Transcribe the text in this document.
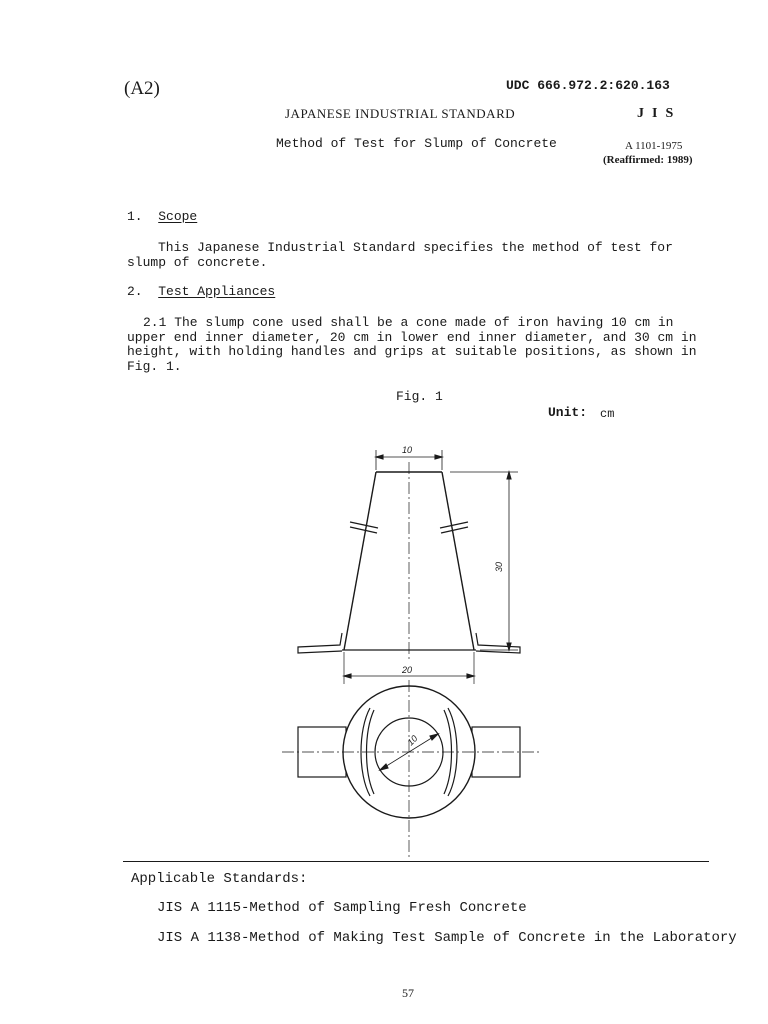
(A2)	UDC 666.972.2:620.163
JAPANESE INDUSTRIAL STANDARD	JIS
Method of Test for Slump of Concrete	A 1101-1975
(Reaffirmed: 1989)
1. Scope
This Japanese Industrial Standard specifies the method of test for slump of concrete.
2. Test Appliances
2.1 The slump cone used shall be a cone made of iron having 10 cm in upper end inner diameter, 20 cm in lower end inner diameter, and 30 cm in height, with holding handles and grips at suitable positions, as shown in Fig. 1.
Fig. 1
Unit: cm
10
30
20
10
Applicable Standards:
JIS A 1115-Method of Sampling Fresh Concrete
JIS A 1138-Method of Making Test Sample of Concrete in the Laboratory
57
